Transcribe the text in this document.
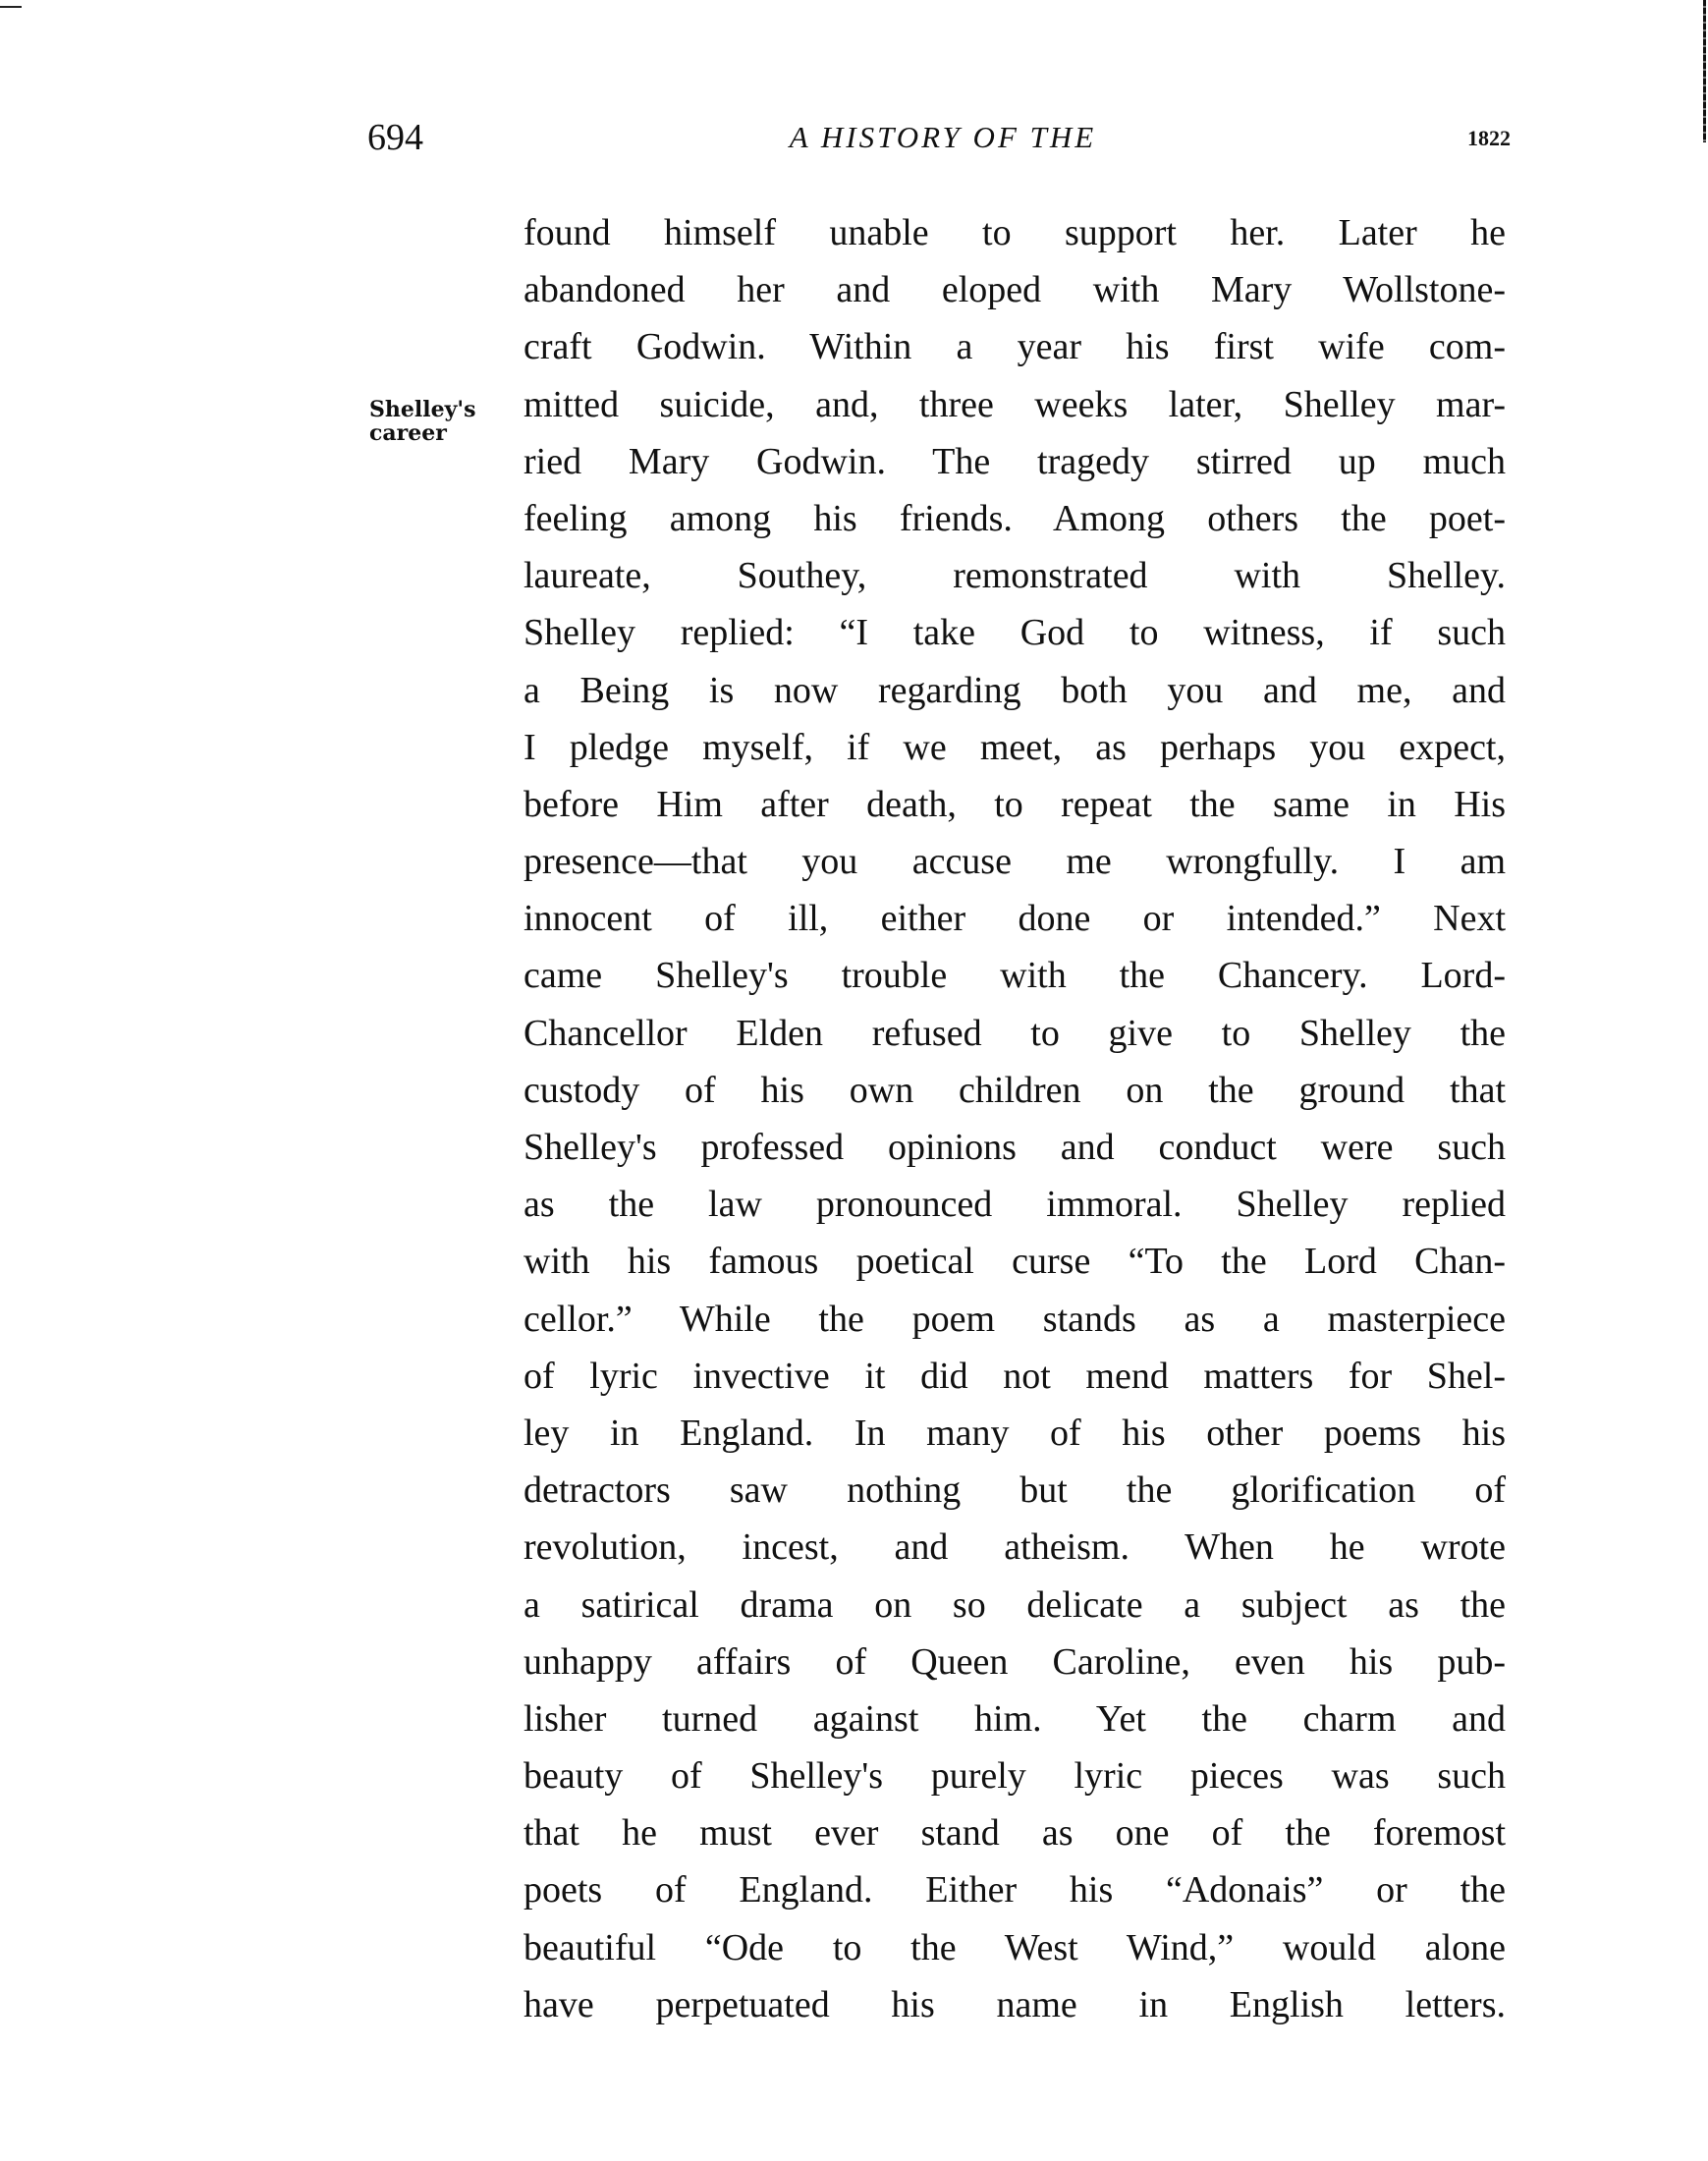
694	A HISTORY OF THE	1822
Shelley's
career
found himself unable to support her. Later he
abandoned her and eloped with Mary Wollstone-
craft Godwin. Within a year his first wife com-
mitted suicide, and, three weeks later, Shelley mar-
ried Mary Godwin. The tragedy stirred up much
feeling among his friends. Among others the poet-
laureate, Southey, remonstrated with Shelley.
Shelley replied: “I take God to witness, if such
a Being is now regarding both you and me, and
I pledge myself, if we meet, as perhaps you expect,
before Him after death, to repeat the same in His
presence—that you accuse me wrongfully. I am
innocent of ill, either done or intended.” Next
came Shelley's trouble with the Chancery. Lord-
Chancellor Elden refused to give to Shelley the
custody of his own children on the ground that
Shelley's professed opinions and conduct were such
as the law pronounced immoral. Shelley replied
with his famous poetical curse “To the Lord Chan-
cellor.” While the poem stands as a masterpiece
of lyric invective it did not mend matters for Shel-
ley in England. In many of his other poems his
detractors saw nothing but the glorification of
revolution, incest, and atheism. When he wrote
a satirical drama on so delicate a subject as the
unhappy affairs of Queen Caroline, even his pub-
lisher turned against him. Yet the charm and
beauty of Shelley's purely lyric pieces was such
that he must ever stand as one of the foremost
poets of England. Either his “Adonais” or the
beautiful “Ode to the West Wind,” would alone
have perpetuated his name in English letters.
